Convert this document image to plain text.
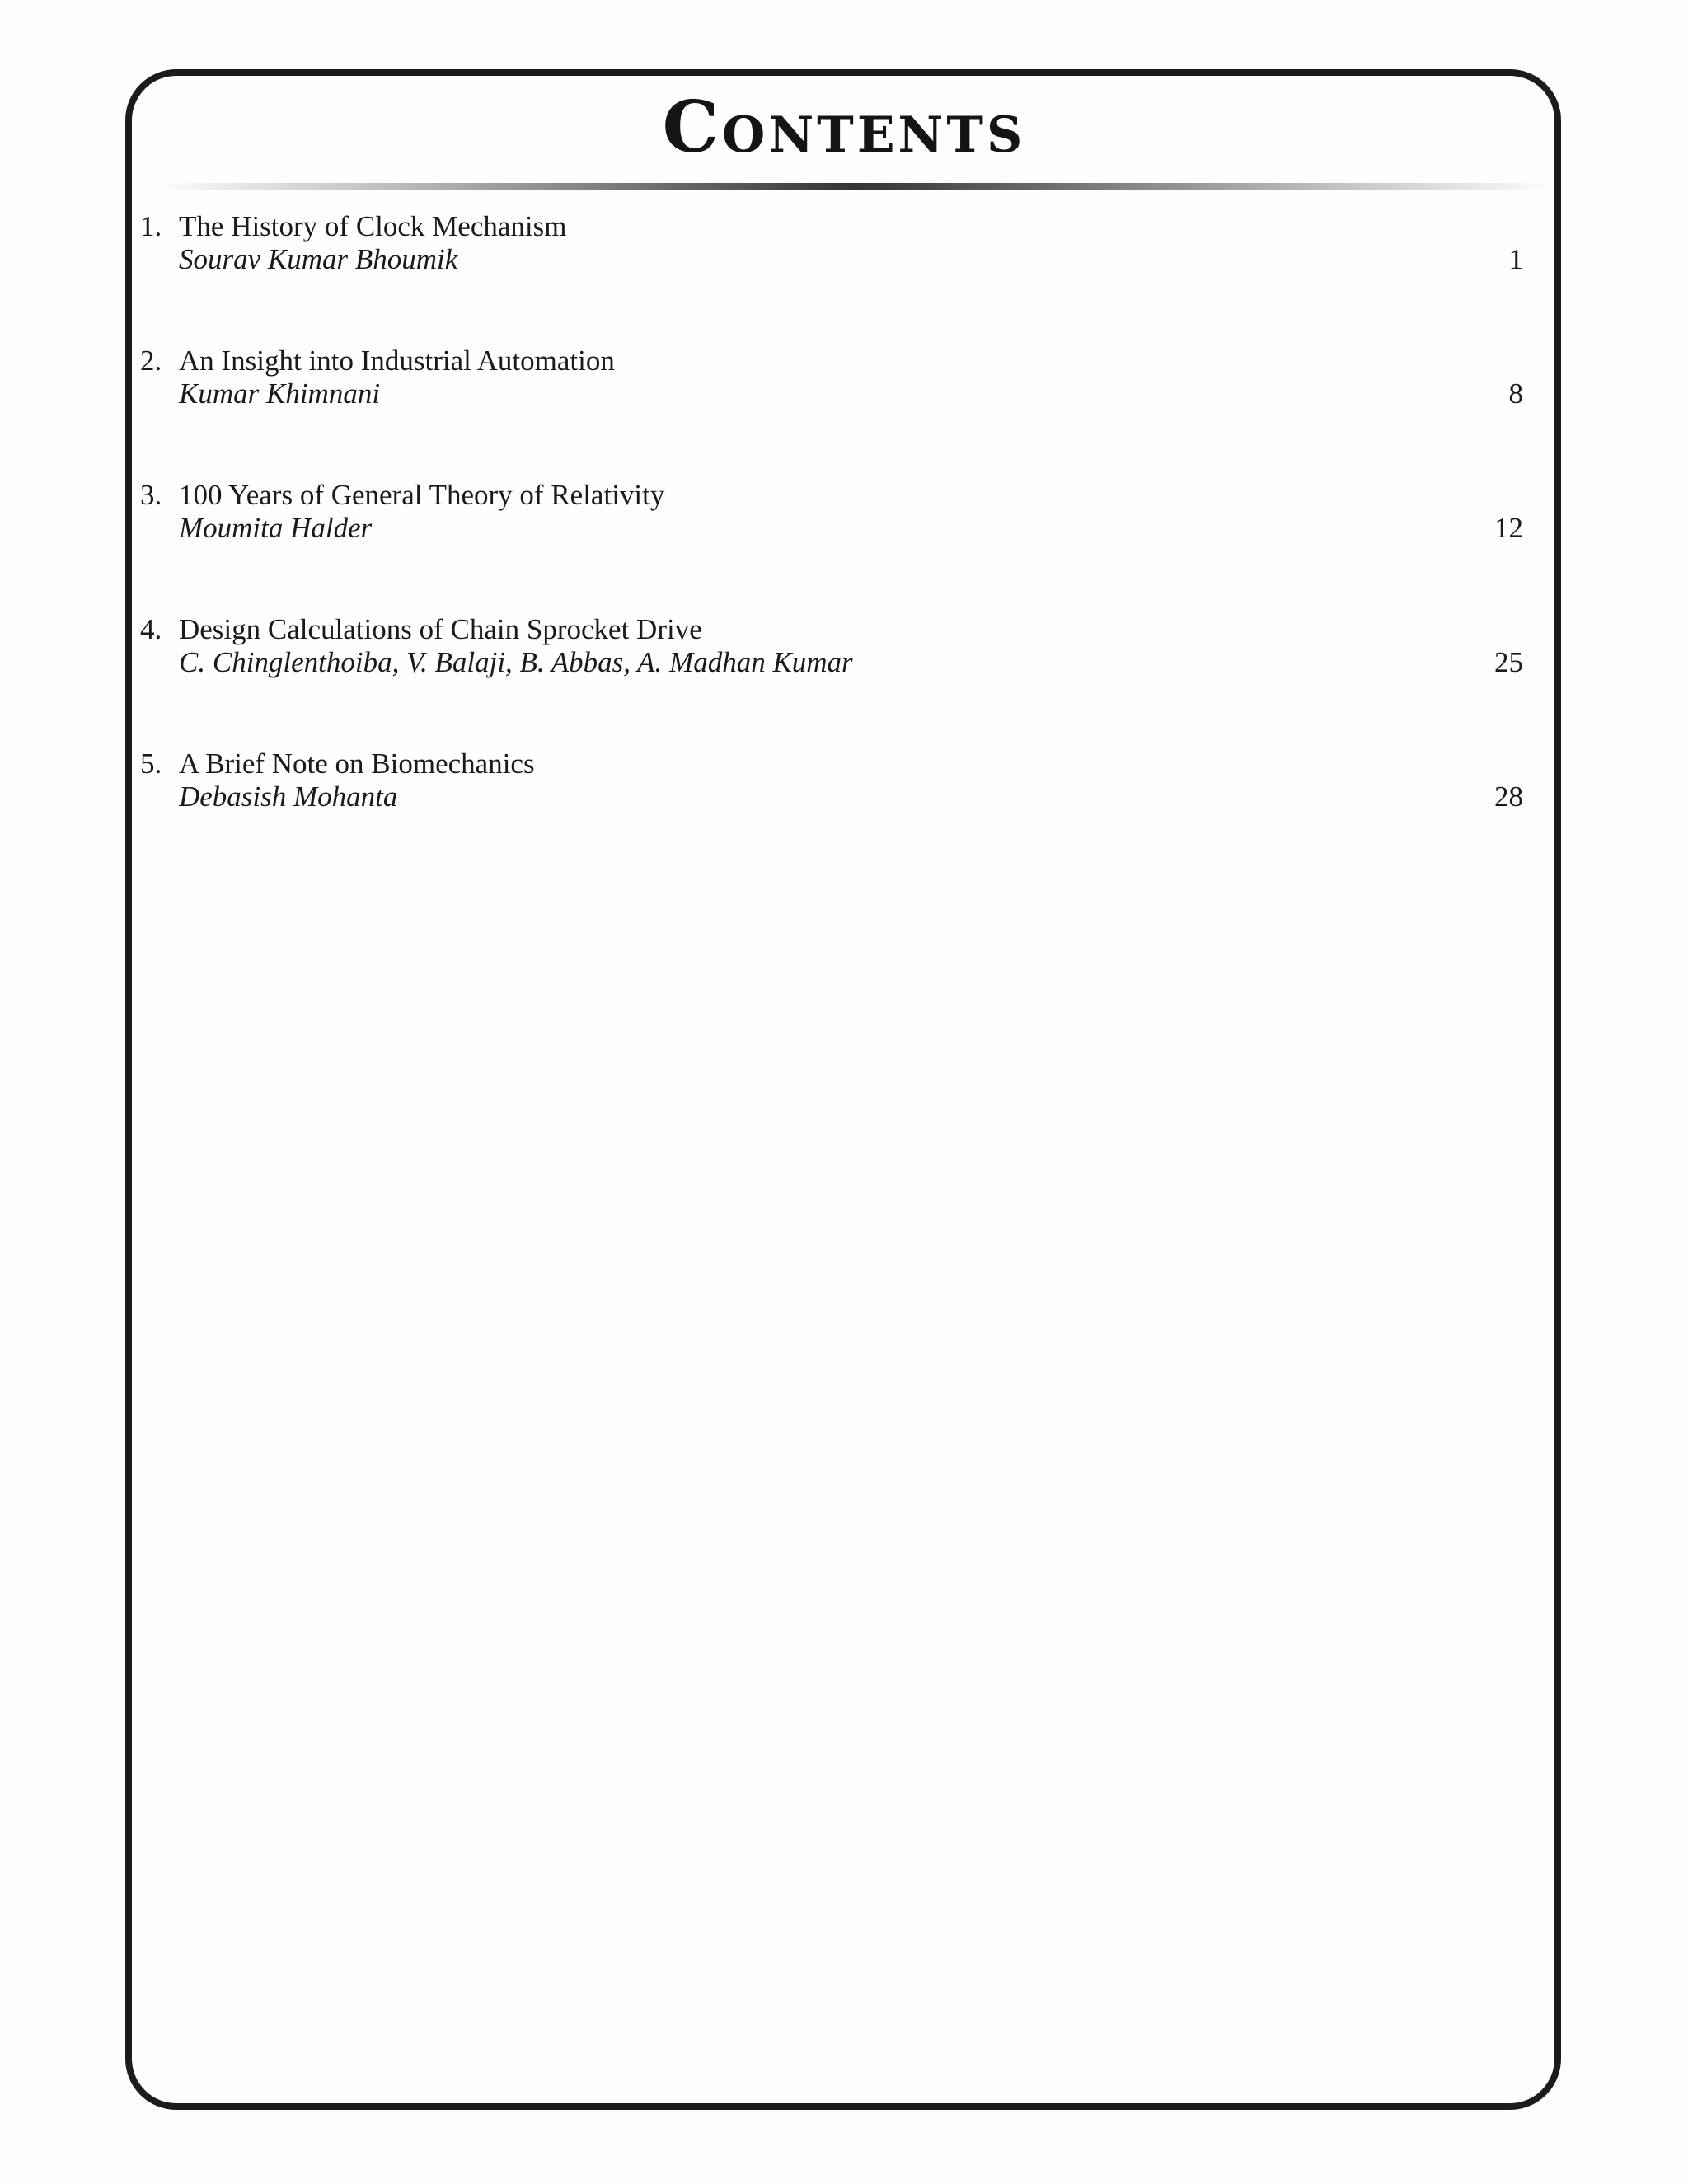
Contents
1. The History of Clock Mechanism
Sourav Kumar Bhoumik	1
2. An Insight into Industrial Automation
Kumar Khimnani	8
3. 100 Years of General Theory of Relativity
Moumita Halder	12
4. Design Calculations of Chain Sprocket Drive
C. Chinglenthoiba, V. Balaji, B. Abbas, A. Madhan Kumar	25
5. A Brief Note on Biomechanics
Debasish Mohanta	28
